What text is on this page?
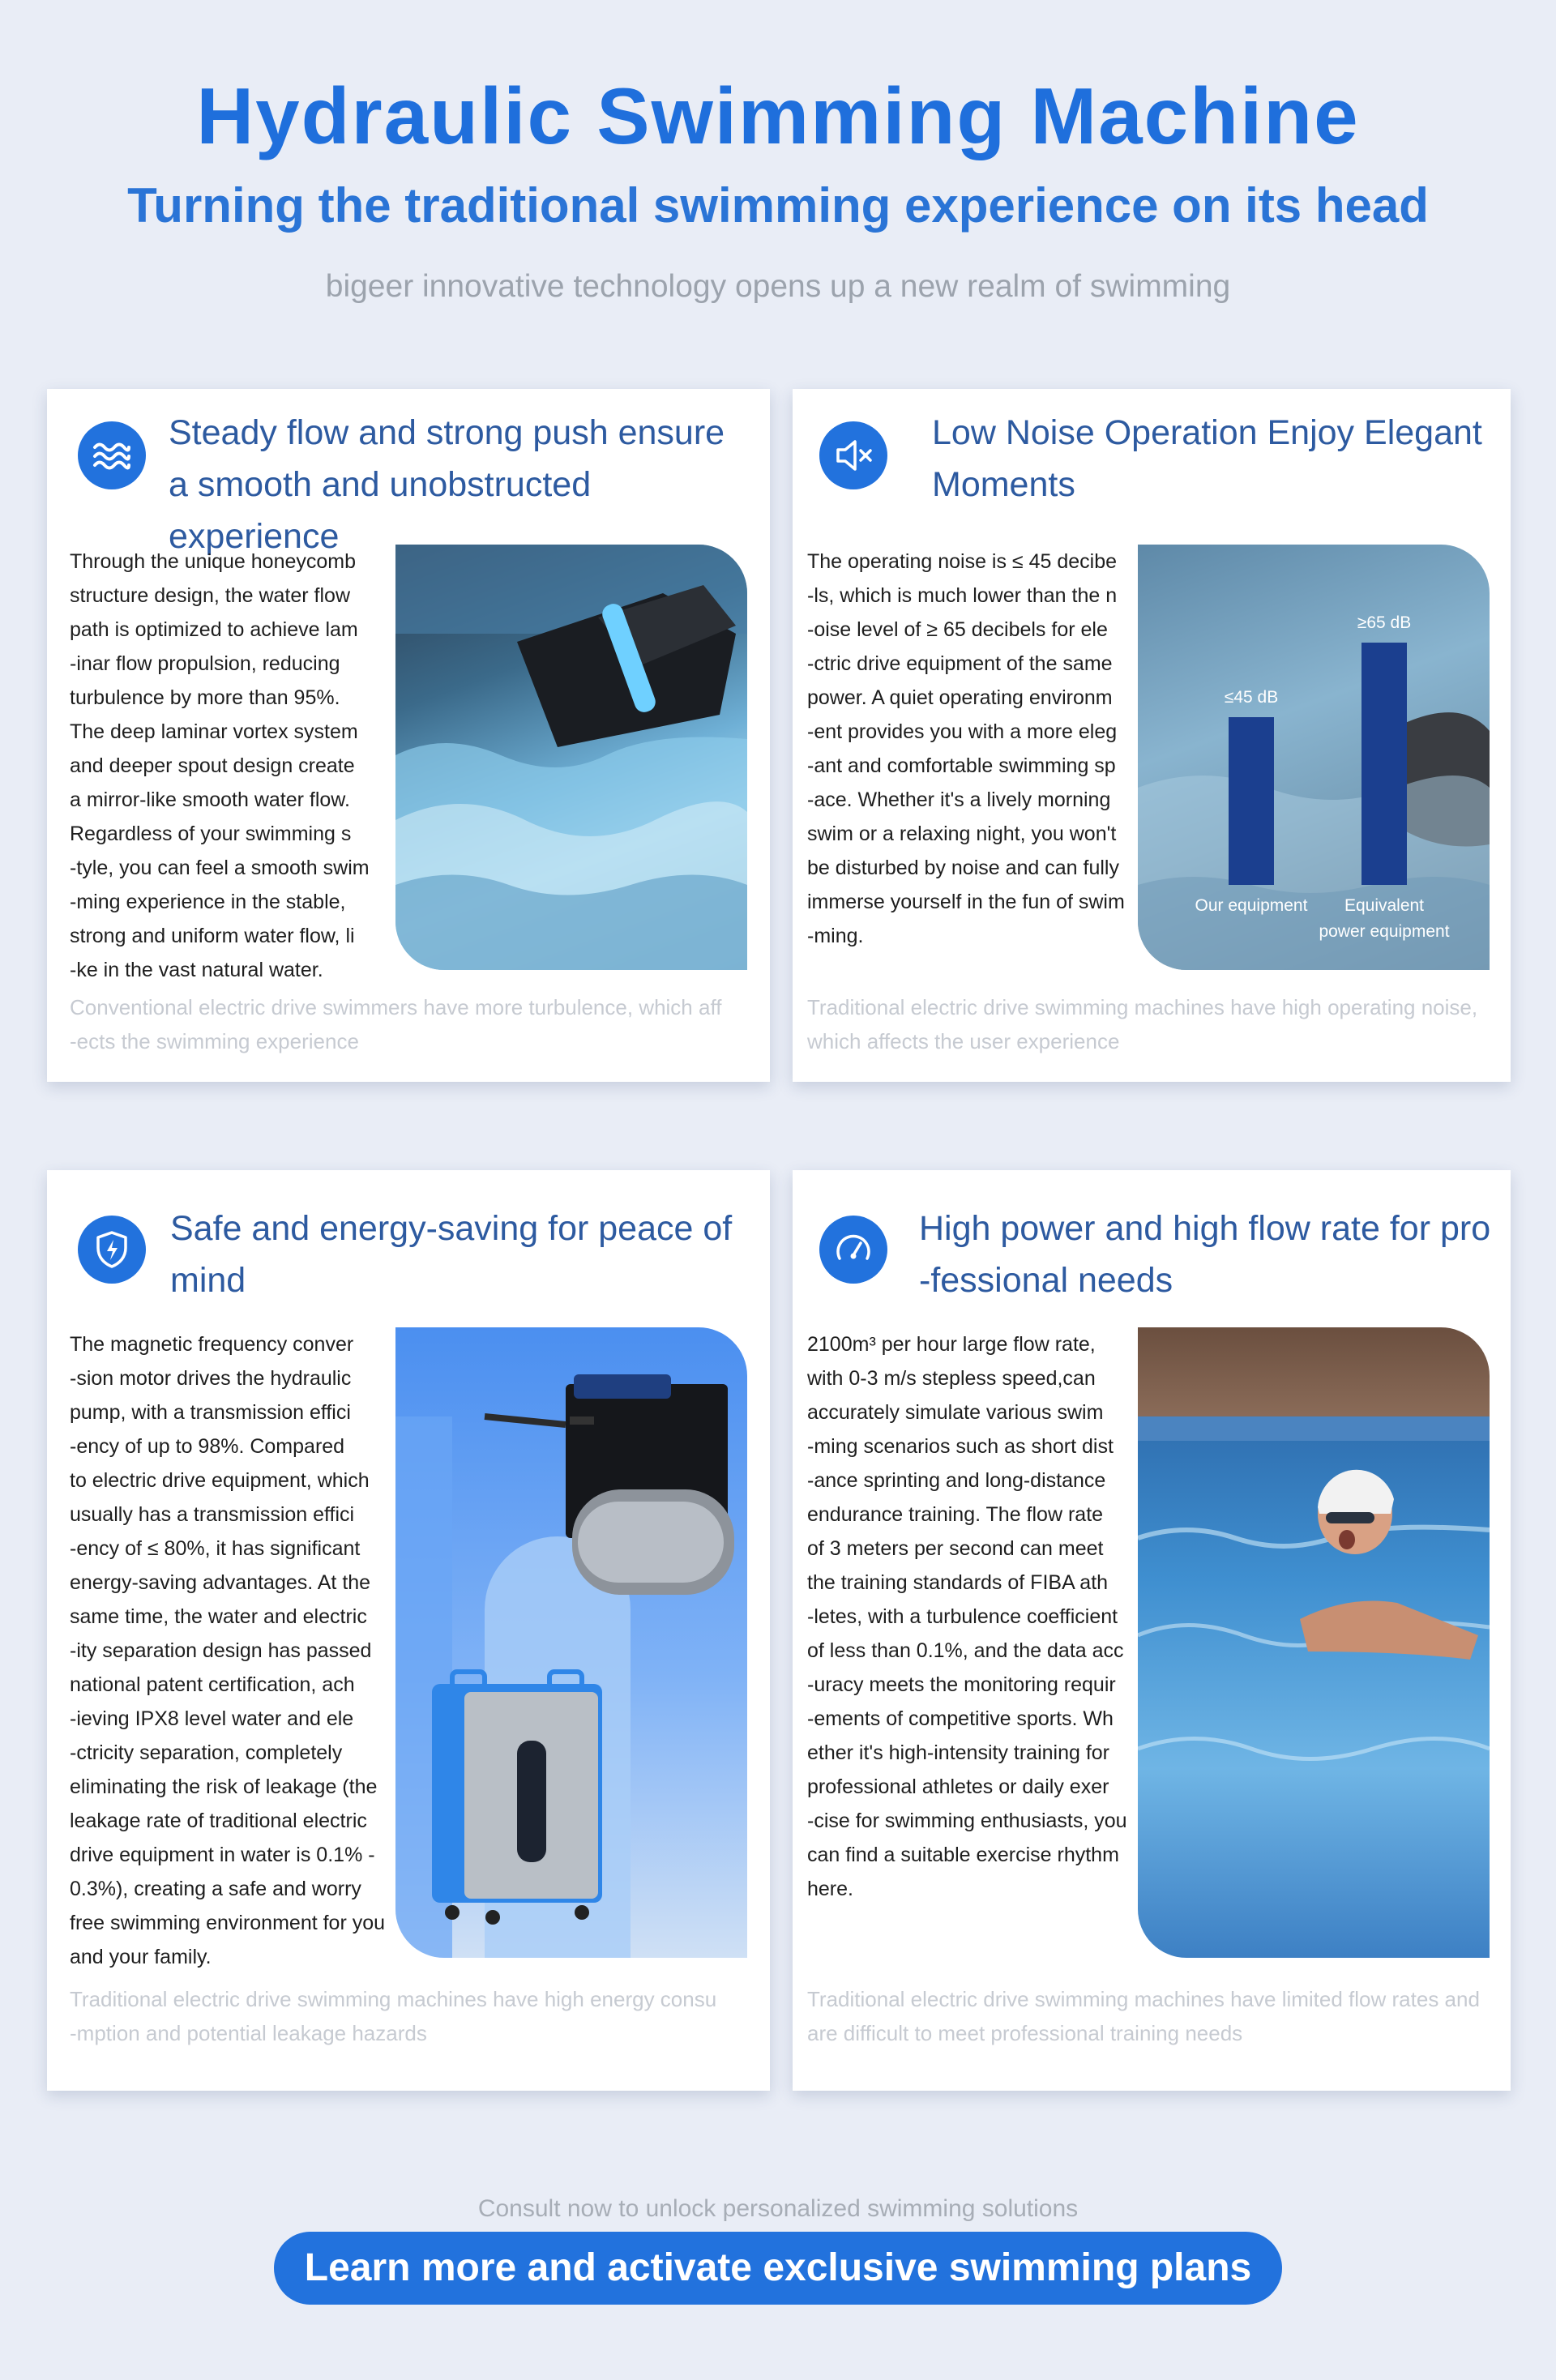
Hydraulic Swimming Machine
Turning the traditional swimming experience on its head
bigeer innovative technology opens up a new realm of swimming
Steady flow and strong push ensure
a smooth and unobstructed experience
Through the unique honeycomb
structure design, the water flow
path is optimized to achieve lam
-inar flow propulsion, reducing
turbulence by more than 95%.
The deep laminar vortex system
and deeper spout design create
a mirror-like smooth water flow.
Regardless of your swimming s
-tyle, you can feel a smooth swim
-ming experience in the stable,
strong and uniform water flow, li
-ke in the vast natural water.
Conventional electric drive swimmers have more turbulence, which aff
-ects the swimming experience
Low Noise Operation Enjoy Elegant
Moments
The operating noise is ≤ 45 decibe
-ls, which is much lower than the n
-oise level of ≥ 65 decibels for ele
-ctric drive equipment of the same
power. A quiet operating environm
-ent provides you with a more eleg
-ant and comfortable swimming sp
-ace. Whether it's a lively morning
swim or a relaxing night, you won't
be disturbed by noise and can fully
immerse yourself in the fun of swim
-ming.
≤45 dB
Our equipment
≥65 dB
Equivalent
power equipment
Traditional electric drive swimming machines have high operating noise,
which affects the user experience
Safe and energy-saving for peace of
mind
The magnetic frequency conver
-sion motor drives the hydraulic
pump, with a transmission effici
-ency of up to 98%. Compared
to electric drive equipment, which
usually has a transmission effici
-ency of ≤ 80%, it has significant
energy-saving advantages. At the
same time, the water and electric
-ity separation design has passed
national patent certification, ach
-ieving IPX8 level water and ele
-ctricity separation, completely
eliminating the risk of leakage (the
leakage rate of traditional electric
drive equipment in water is 0.1% -
0.3%), creating a safe and worry
free swimming environment for you
and your family.
Traditional electric drive swimming machines have high energy consu
-mption and potential leakage hazards
High power and high flow rate for pro
-fessional needs
2100m³ per hour large flow rate,
with 0-3 m/s stepless speed,can
accurately simulate various swim
-ming scenarios such as short dist
-ance sprinting and long-distance
endurance training. The flow rate
of 3 meters per second can meet
the training standards of FIBA ath
-letes, with a turbulence coefficient
of less than 0.1%, and the data acc
-uracy meets the monitoring requir
-ements of competitive sports. Wh
ether it's high-intensity training for
professional athletes or daily exer
-cise for swimming enthusiasts, you
can find a suitable exercise rhythm
here.
Traditional electric drive swimming machines have limited flow rates and
are difficult to meet professional training needs
Consult now to unlock personalized swimming solutions
Learn more and activate exclusive swimming plans
